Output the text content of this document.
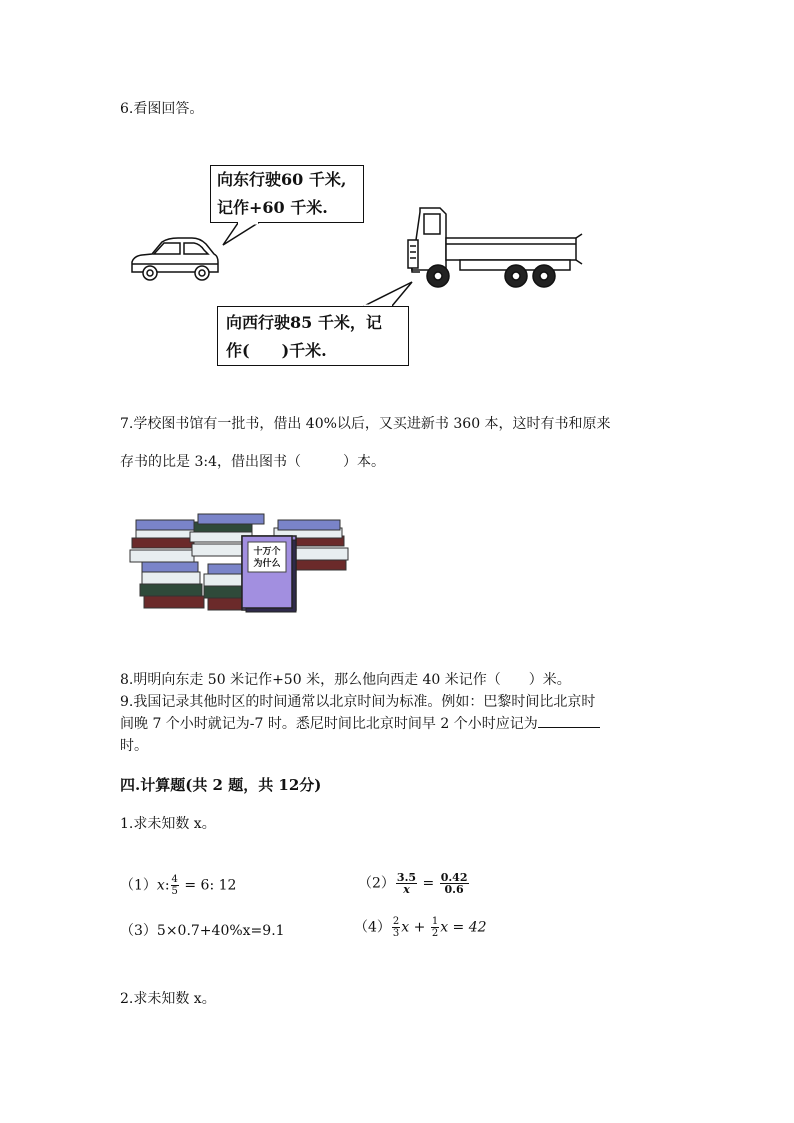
6.看图回答。
向东行驶60 千米,
记作+60 千米.
向西行驶85 千米，记
作(　　)千米.
7.学校图书馆有一批书，借出 40%以后，又买进新书 360 本，这时有书和原来
存书的比是 3:4，借出图书（　　　）本。
十万个
为什么
8.明明向东走 50 米记作+50 米，那么他向西走 40 米记作（　　）米。
9.我国记录其他时区的时间通常以北京时间为标准。例如：巴黎时间比北京时
间晚 7 个小时就记为-7 时。悉尼时间比北京时间早 2 个小时应记为
时。
四.计算题(共 2 题，共 12分)
1.求未知数 x。
（1）x: $\frac{4}{5} = 6$: 12	$(2) \frac{3.5}{x} = \frac{0.42}{0.6}$
（3）5×0.7+40%x=9.1	$(4) \frac{2}{3}$ $x + \frac{1}{2}$ x = 42
2.求未知数 x。
